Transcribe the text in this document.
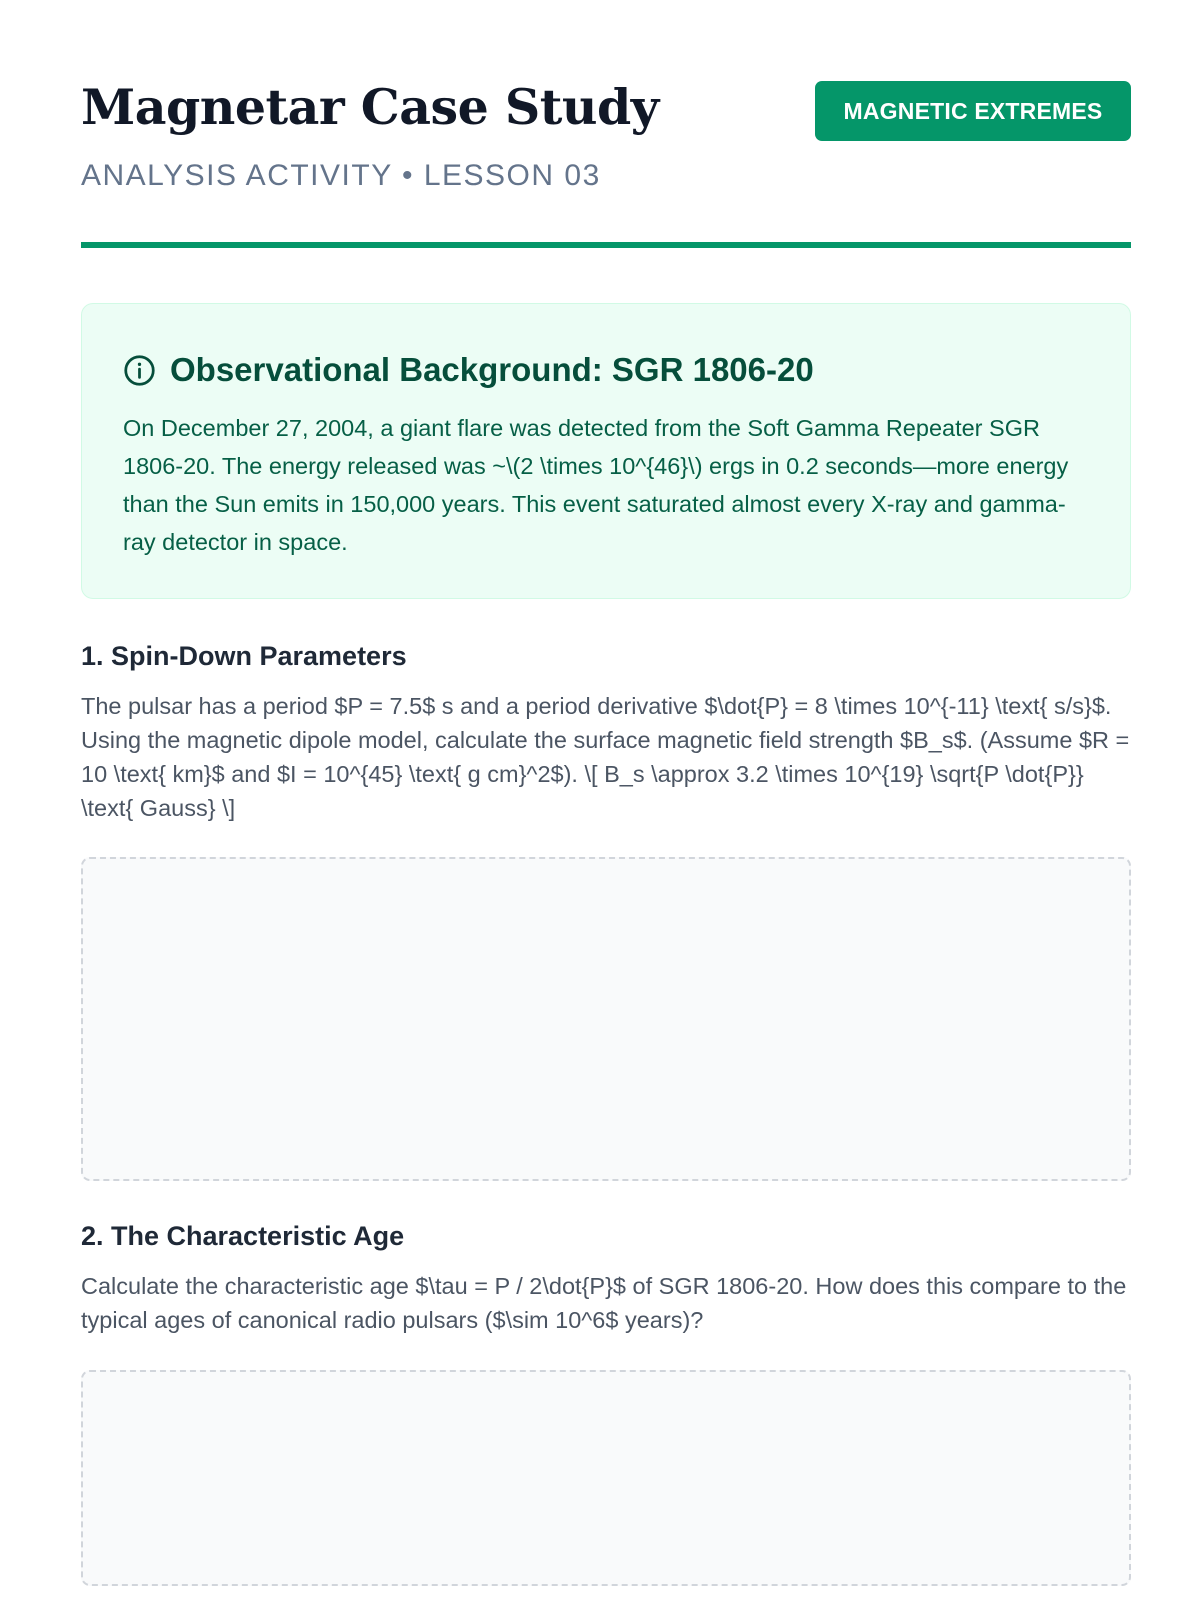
Magnetar Case Study
ANALYSIS ACTIVITY • LESSON 03
MAGNETIC EXTREMES
Observational Background: SGR 1806-20

On December 27, 2004, a giant flare was detected from the Soft Gamma Repeater SGR 1806-20. The energy released was ~\(2 \times 10^{46}\) ergs in 0.2 seconds—more energy than the Sun emits in 150,000 years. This event saturated almost every X-ray and gamma-ray detector in space.

1. Spin-Down Parameters

The pulsar has a period $P = 7.5$ s and a period derivative $\dot{P} = 8 \times 10^{-11} \text{ s/s}$. Using the magnetic dipole model, calculate the surface magnetic field strength $B_s$. (Assume $R = 10 \text{ km}$ and $I = 10^{45} \text{ g cm}^2$). \[ B_s \approx 3.2 \times 10^{19} \sqrt{P \dot{P}} \text{ Gauss} \]

2. The Characteristic Age

Calculate the characteristic age $\tau = P / 2\dot{P}$ of SGR 1806-20. How does this compare to the typical ages of canonical radio pulsars ($\sim 10^6$ years)?
